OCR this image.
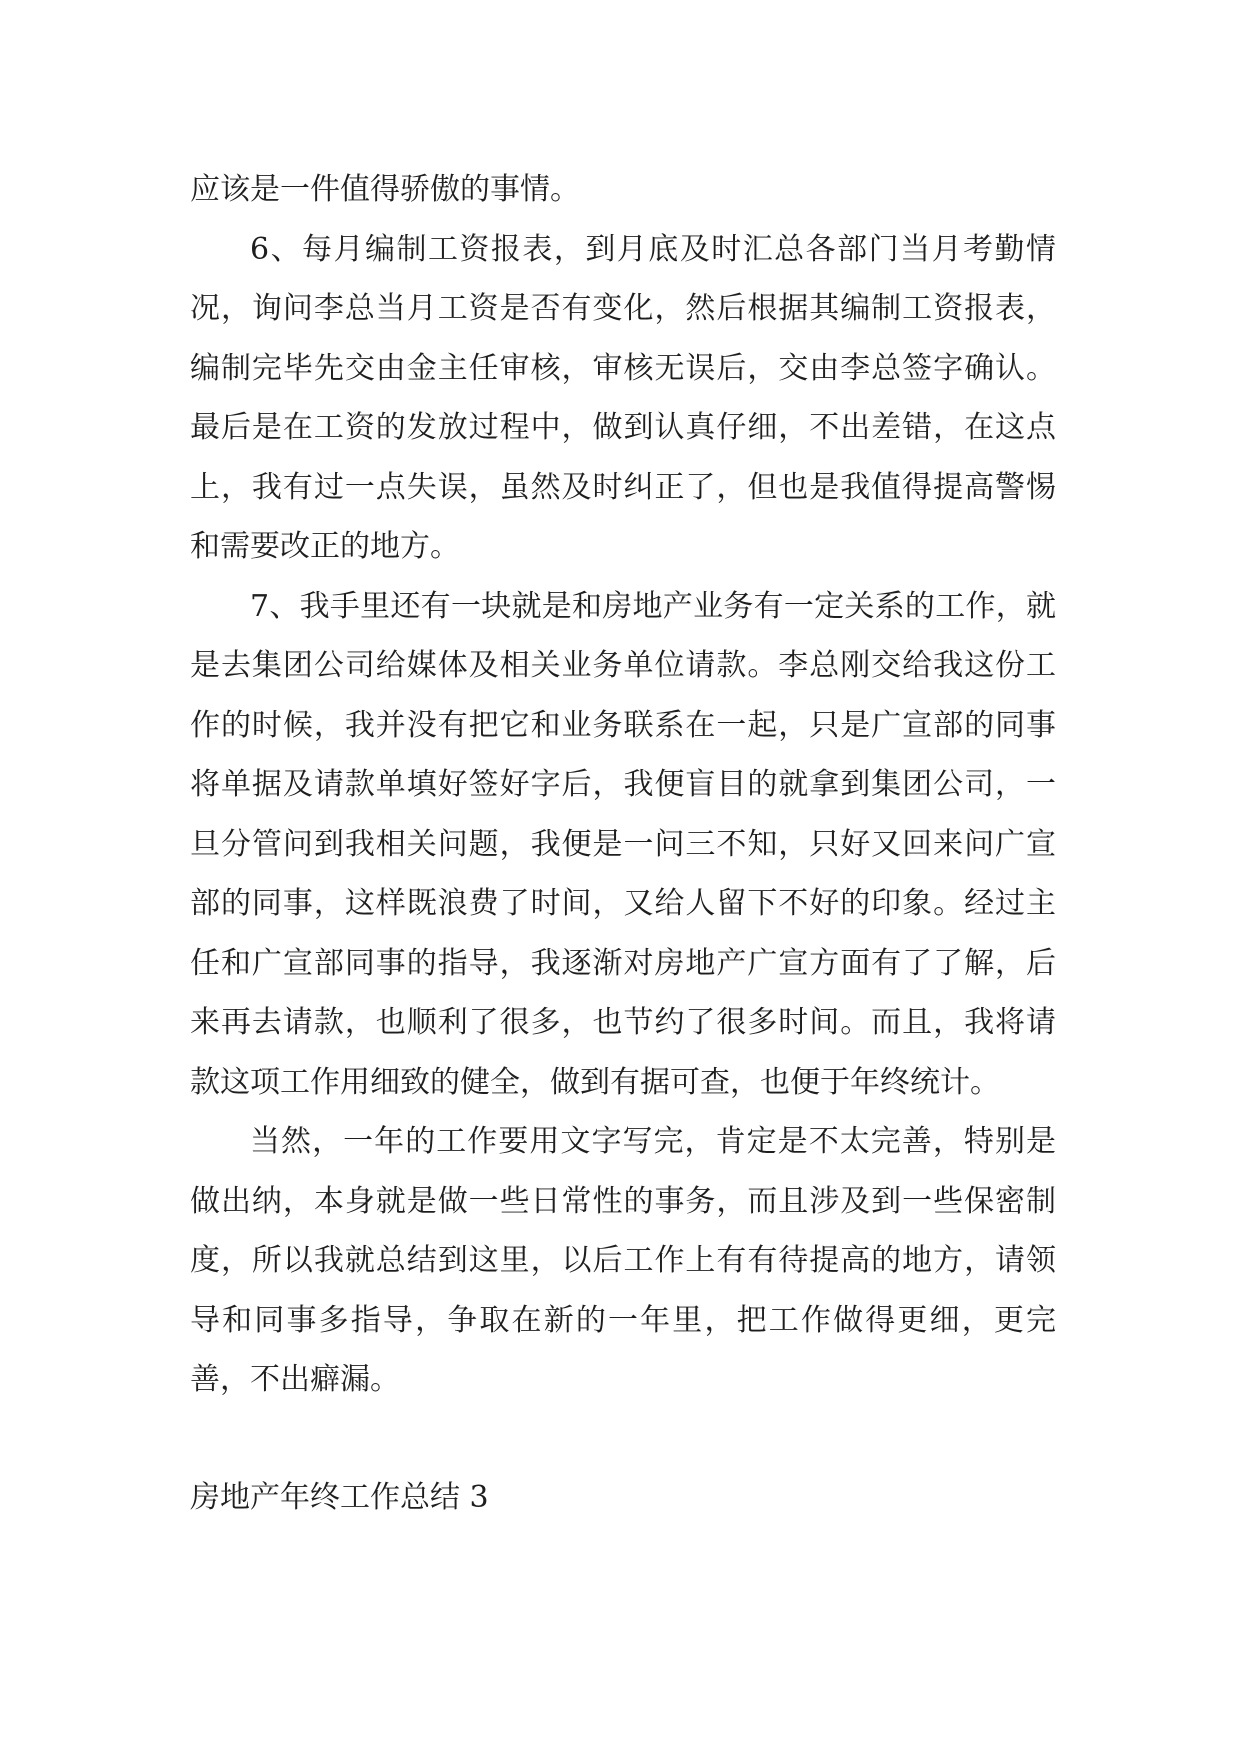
应该是一件值得骄傲的事情。

6、每月编制工资报表，到月底及时汇总各部门当月考勤情况，询问李总当月工资是否有变化，然后根据其编制工资报表，编制完毕先交由金主任审核，审核无误后，交由李总签字确认。最后是在工资的发放过程中，做到认真仔细，不出差错，在这点上，我有过一点失误，虽然及时纠正了，但也是我值得提高警惕和需要改正的地方。

7、我手里还有一块就是和房地产业务有一定关系的工作，就是去集团公司给媒体及相关业务单位请款。李总刚交给我这份工作的时候，我并没有把它和业务联系在一起，只是广宣部的同事将单据及请款单填好签好字后，我便盲目的就拿到集团公司，一旦分管问到我相关问题，我便是一问三不知，只好又回来问广宣部的同事，这样既浪费了时间，又给人留下不好的印象。经过主任和广宣部同事的指导，我逐渐对房地产广宣方面有了了解，后来再去请款，也顺利了很多，也节约了很多时间。而且，我将请款这项工作用细致的健全，做到有据可查，也便于年终统计。

当然，一年的工作要用文字写完，肯定是不太完善，特别是做出纳，本身就是做一些日常性的事务，而且涉及到一些保密制度，所以我就总结到这里，以后工作上有有待提高的地方，请领导和同事多指导，争取在新的一年里，把工作做得更细，更完善，不出癖漏。

房地产年终工作总结 3
